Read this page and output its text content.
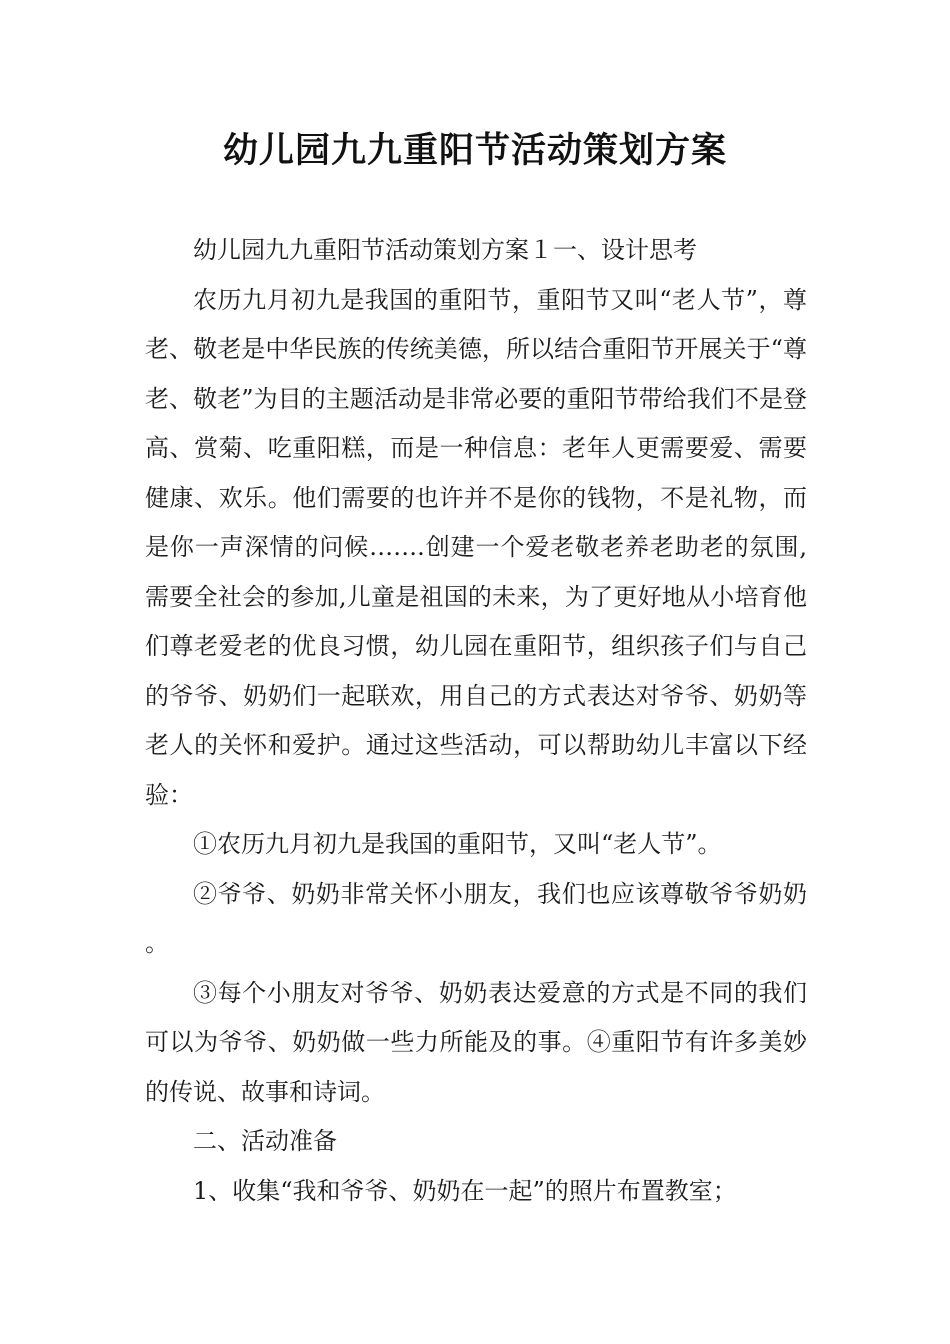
幼儿园九九重阳节活动策划方案

幼儿园九九重阳节活动策划方案１一、设计思考

农历九月初九是我国的重阳节，重阳节又叫“老人节”，尊老、敬老是中华民族的传统美德，所以结合重阳节开展关于“尊老、敬老”为目的主题活动是非常必要的重阳节带给我们不是登高、赏菊、吃重阳糕，而是一种信息：老年人更需要爱、需要健康、欢乐。他们需要的也许并不是你的钱物，不是礼物，而是你一声深情的问候…….创建一个爱老敬老养老助老的氛围,需要全社会的参加,儿童是祖国的未来，为了更好地从小培育他们尊老爱老的优良习惯，幼儿园在重阳节，组织孩子们与自己的爷爷、奶奶们一起联欢，用自己的方式表达对爷爷、奶奶等老人的关怀和爱护。通过这些活动，可以帮助幼儿丰富以下经验：

①农历九月初九是我国的重阳节，又叫“老人节”。

②爷爷、奶奶非常关怀小朋友，我们也应该尊敬爷爷奶奶。

③每个小朋友对爷爷、奶奶表达爱意的方式是不同的我们可以为爷爷、奶奶做一些力所能及的事。④重阳节有许多美妙的传说、故事和诗词。

二、活动准备

1、收集“我和爷爷、奶奶在一起”的照片布置教室；
